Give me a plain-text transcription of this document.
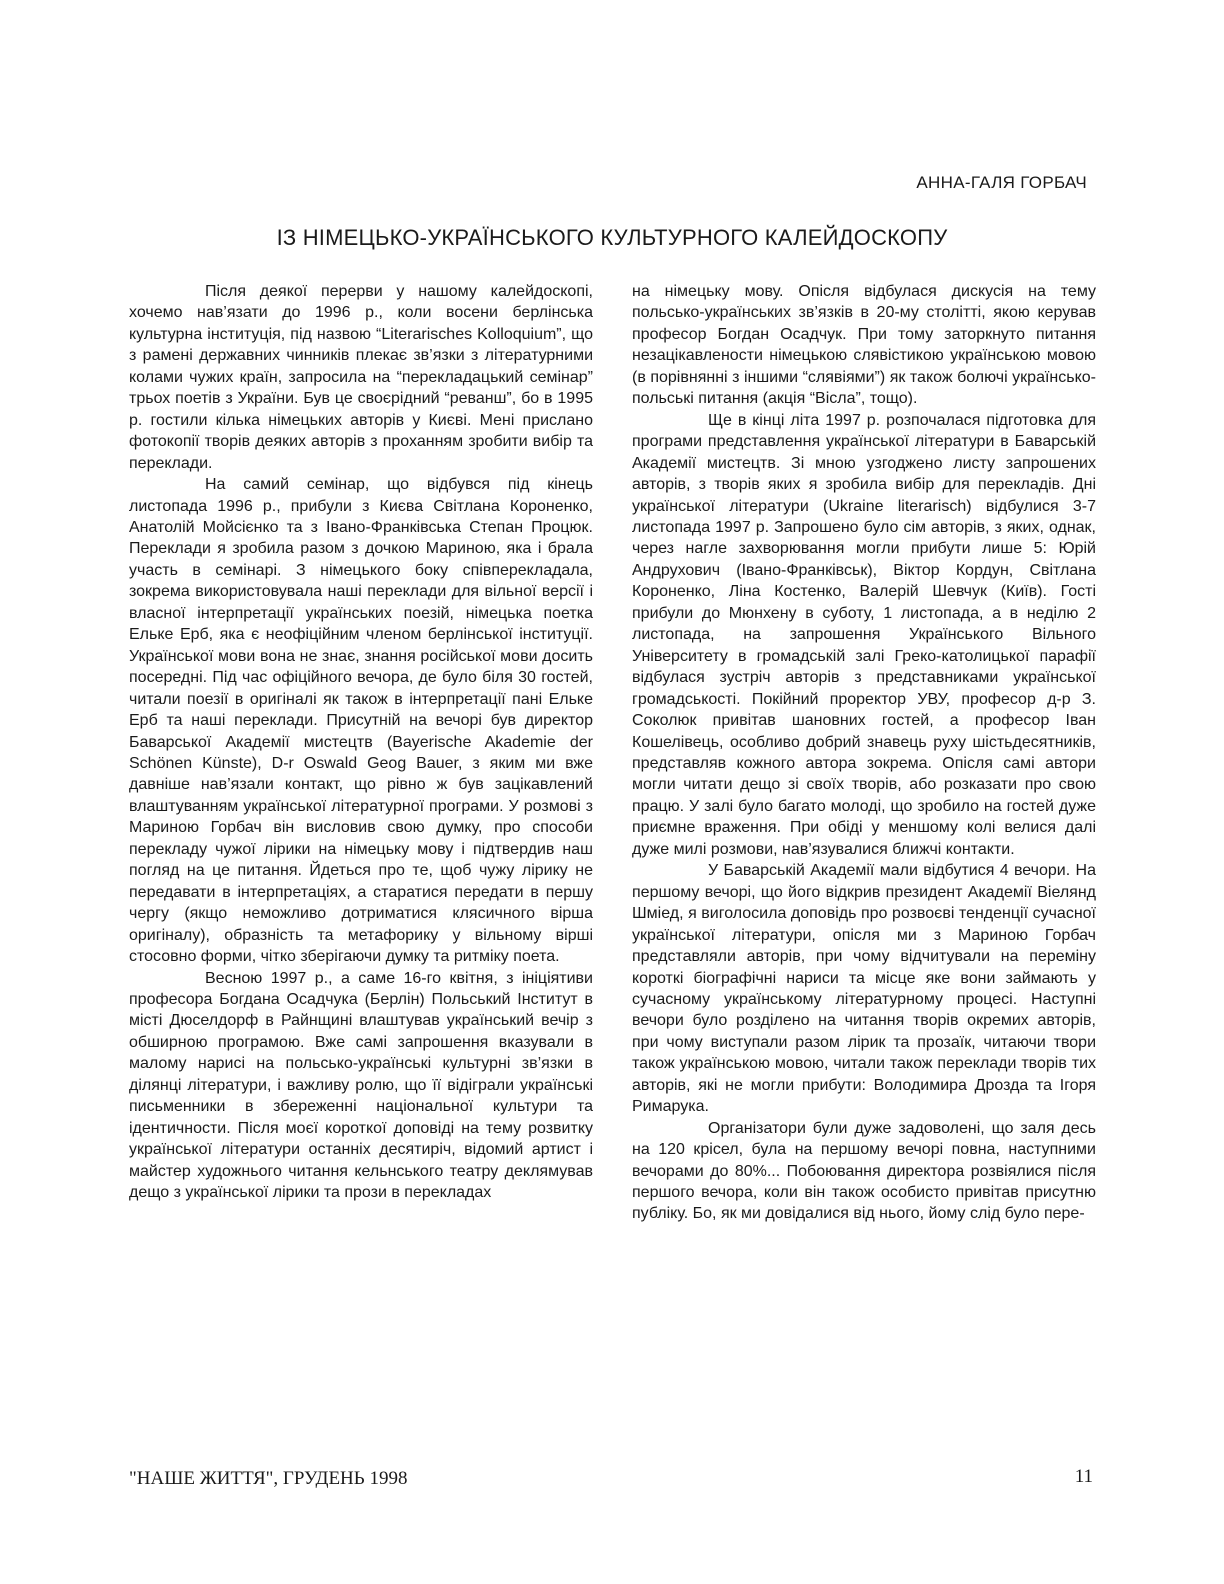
АННА-ГАЛЯ ГОРБАЧ
ІЗ НІМЕЦЬКО-УКРАЇНСЬКОГО КУЛЬТУРНОГО КАЛЕЙДОСКОПУ

Після деякої перерви у нашому калейдоскопі, хочемо нав’язати до 1996 р., коли восени берлінська культурна інституція, під назвою “Literarisches Kolloquium”, що з рамені державних чинників плекає зв’язки з літературними колами чужих країн, запросила на “перекладацький семінар” трьох поетів з України. Був це своєрідний “реванш”, бо в 1995 р. гостили кілька німецьких авторів у Києві. Мені прислано фотокопії творів деяких авторів з проханням зробити вибір та переклади.

На самий семінар, що відбувся під кінець листопада 1996 р., прибули з Києва Світлана Короненко, Анатолій Мойсієнко та з Івано-Франківська Степан Процюк. Переклади я зробила разом з дочкою Мариною, яка і брала участь в семінарі. З німецького боку співперекладала, зокрема використовувала наші переклади для вільної версії і власної інтерпретації українських поезій, німецька поетка Ельке Ерб, яка є неофіційним членом берлінської інституції. Української мови вона не знає, знання російської мови досить посередні. Під час офіційного вечора, де було біля 30 гостей, читали поезії в оригіналі як також в інтерпретації пані Ельке Ерб та наші переклади. Присутній на вечорі був директор Баварської Академії мистецтв (Bayerische Akademie der Schönen Künste), D-r Oswald Geog Bauer, з яким ми вже давніше нав’язали контакт, що рівно ж був зацікавлений влаштуванням української літературної програми. У розмові з Мариною Горбач він висловив свою думку, про способи перекладу чужої лірики на німецьку мову і підтвердив наш погляд на це питання. Йдеться про те, щоб чужу лірику не передавати в інтерпретаціях, а старатися передати в першу чергу (якщо неможливо дотриматися клясичного вірша оригіналу), образність та метафорику у вільному вірші стосовно форми, чітко зберігаючи думку та ритміку поета.

Весною 1997 р., а саме 16-го квітня, з ініціятиви професора Богдана Осадчука (Берлін) Польський Інститут в місті Дюселдорф в Райнщині влаштував український вечір з обширною програмою. Вже самі запрошення вказували в малому нарисі на польсько-українські культурні зв’язки в ділянці літератури, і важливу ролю, що її відіграли українські письменники в збереженні національної культури та ідентичности. Після моєї короткої доповіді на тему розвитку української літератури останніх десятиріч, відомий артист і майстер художнього читання кельнського театру деклямував дещо з української лірики та прози в перекладах

на німецьку мову. Опісля відбулася дискусія на тему польсько-українських зв’язків в 20-му столітті, якою керував професор Богдан Осадчук. При тому заторкнуто питання незацікавлености німецькою слявістикою українською мовою (в порівнянні з іншими “слявіями”) як також болючі українсько-польські питання (акція “Вісла”, тощо).

Ще в кінці літа 1997 р. розпочалася підготовка для програми представлення української літератури в Баварській Академії мистецтв. Зі мною узгоджено листу запрошених авторів, з творів яких я зробила вибір для перекладів. Дні української літератури (Ukraine literarisch) відбулися 3-7 листопада 1997 р. Запрошено було сім авторів, з яких, однак, через нагле захворювання могли прибути лише 5: Юрій Андрухович (Івано-Франківськ), Віктор Кордун, Світлана Короненко, Ліна Костенко, Валерій Шевчук (Київ). Гості прибули до Мюнхену в суботу, 1 листопада, а в неділю 2 листопада, на запрошення Українського Вільного Університету в громадській залі Греко-католицької парафії відбулася зустріч авторів з представниками української громадськості. Покійний проректор УВУ, професор д-р З. Соколюк привітав шановних гостей, а професор Іван Кошелівець, особливо добрий знавець руху шістьдесятників, представляв кожного автора зокрема. Опісля самі автори могли читати дещо зі своїх творів, або розказати про свою працю. У залі було багато молоді, що зробило на гостей дуже приємне враження. При обіді у меншому колі велися далі дуже милі розмови, нав’язувалися ближчі контакти.

У Баварській Академії мали відбутися 4 вечори. На першому вечорі, що його відкрив президент Академії Віелянд Шміед, я виголосила доповідь про розвоєві тенденції сучасної української літератури, опісля ми з Мариною Горбач представляли авторів, при чому відчитували на переміну короткі біографічні нариси та місце яке вони займають у сучасному українському літературному процесі. Наступні вечори було розділено на читання творів окремих авторів, при чому виступали разом лірик та прозаїк, читаючи твори також українською мовою, читали також переклади творів тих авторів, які не могли прибути: Володимира Дрозда та Ігоря Римарука.

Організатори були дуже задоволені, що заля десь на 120 крісел, була на першому вечорі повна, наступними вечорами до 80%... Побоювання директора розвіялися після першого вечора, коли він також особисто привітав присутню публіку. Бо, як ми довідалися від нього, йому слід було пере-

"НАШЕ ЖИТТЯ", ГРУДЕНЬ 1998	11
